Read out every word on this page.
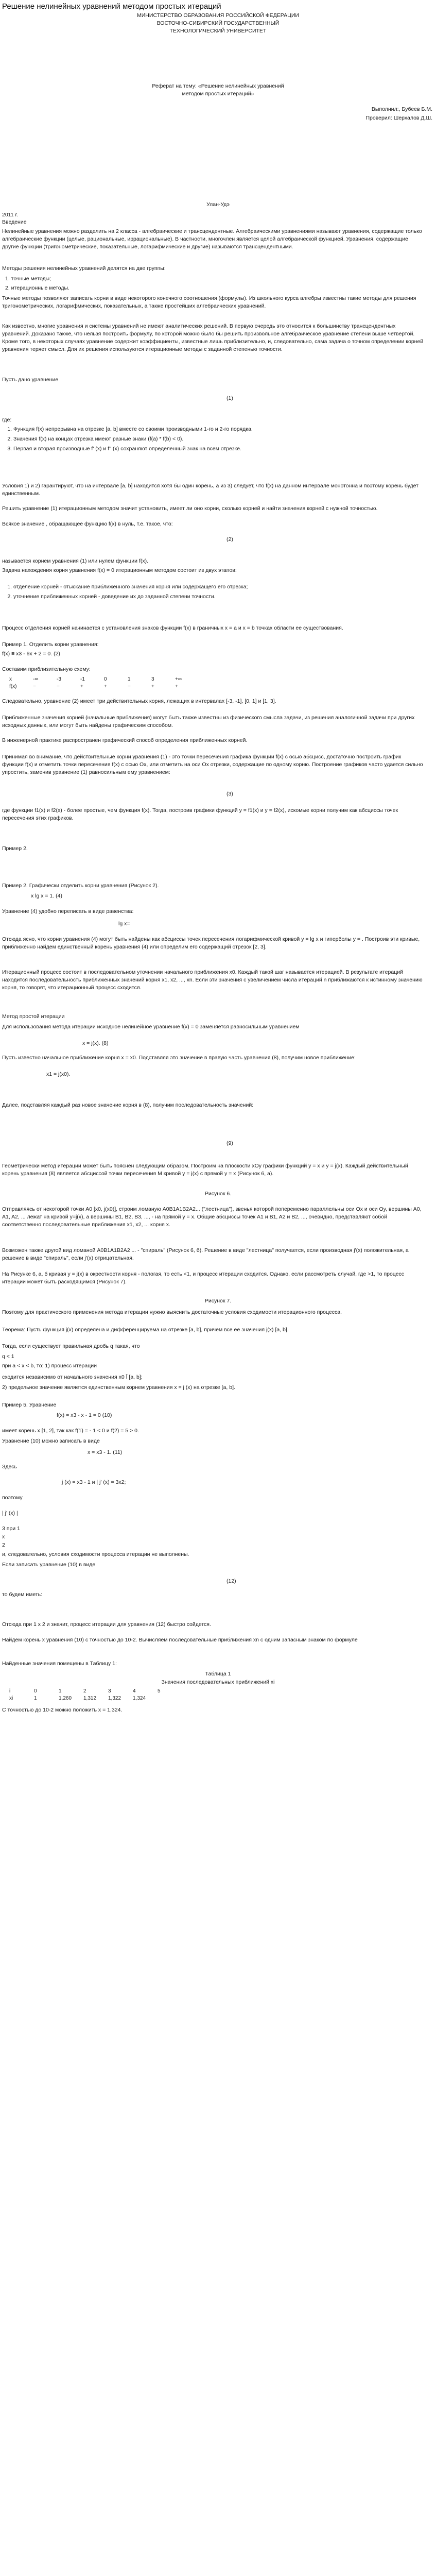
Решение нелинейных уравнений методом простых итераций
МИНИСТЕРСТВО ОБРАЗОВАНИЯ РОССИЙСКОЙ ФЕДЕРАЦИИ
ВОСТОЧНО-СИБИРСКИЙ ГОСУДАРСТВЕННЫЙ
ТЕХНОЛОГИЧЕСКИЙ УНИВЕРСИТЕТ
Реферат на тему: «Решение нелинейных уравнений
методом простых итераций»
Выполнил:, Бубеев Б.М.
Проверил: Шерхалов Д.Ш.
Улан-Удэ
2011 г.
Введение
Нелинейные уравнения можно разделить на 2 класса - алгебраические и трансцендентные. Алгебраическими уравнениями называют уравнения, содержащие только алгебраические функции (целые, рациональные, иррациональные). В частности, многочлен является целой алгебраической функцией. Уравнения, содержащие другие функции (тригонометрические, показательные, логарифмические и другие) называются трансцендентными.
Методы решения нелинейных уравнений делятся на две группы:
1. точные методы;
2. итерационные методы.
Точные методы позволяют записать корни в виде некоторого конечного соотношения (формулы). Из школьного курса алгебры известны такие методы для решения тригонометрических, логарифмических, показательных, а также простейших алгебраических уравнений.
Как известно, многие уравнения и системы уравнений не имеют аналитических решений. В первую очередь это относится к большинству трансцендентных уравнений. Доказано также, что нельзя построить формулу, по которой можно было бы решить произвольное алгебраическое уравнение степени выше четвертой. Кроме того, в некоторых случаях уравнение содержит коэффициенты, известные лишь приблизительно, и, следовательно, сама задача о точном определении корней уравнения теряет смысл. Для их решения используются итерационные методы с заданной степенью точности.
Пусть дано уравнение
(1)
где:
1. Функция f(x) непрерывна на отрезке [a, b] вместе со своими производными 1-го и 2-го порядка.
2. Значения f(x) на концах отрезка имеют разные знаки (f(a) * f(b) < 0).
3. Первая и вторая производные f' (x) и f'' (x) сохраняют определенный знак на всем отрезке.
Условия 1) и 2) гарантируют, что на интервале [a, b] находится хотя бы один корень, а из 3) следует, что f(x) на данном интервале монотонна и поэтому корень будет единственным.
Решить уравнение (1) итерационным методом значит установить, имеет ли оно корни, сколько корней и найти значения корней с нужной точностью.
Всякое значение , обращающее функцию f(x) в нуль, т.е. такое, что:
(2)
называется корнем уравнения (1) или нулем функции f(x).
Задача нахождения корня уравнения f(x) = 0 итерационным методом состоит из двух этапов:
1. отделение корней - отыскание приближенного значения корня или содержащего его отрезка;
2. уточнение приближенных корней - доведение их до заданной степени точности.
Процесс отделения корней начинается с установления знаков функции f(x) в граничных x = a и x = b точках области ее существования.
Пример 1. Отделить корни уравнения:
f(x) ≡ x3 - 6x + 2 = 0. (2)
Составим приблизительную схему:
x	-∞	-3	-1	0	1	3	+∞
f(x)	−	−	+	+	−	+	+
Следовательно, уравнение (2) имеет три действительных корня, лежащих в интервалах [-3, -1], [0, 1] и [1, 3].
Приближенные значения корней (начальные приближения) могут быть также известны из физического смысла задачи, из решения аналогичной задачи при других исходных данных, или могут быть найдены графическим способом.
В инженерной практике распространен графический способ определения приближенных корней.
Принимая во внимание, что действительные корни уравнения (1) - это точки пересечения графика функции f(x) с осью абсцисс, достаточно построить график функции f(x) и отметить точки пересечения f(x) с осью Ox, или отметить на оси Ox отрезки, содержащие по одному корню. Построение графиков часто удается сильно упростить, заменив уравнение (1) равносильным ему уравнением:
(3)
где функции f1(x) и f2(x) - более простые, чем функция f(x). Тогда, построив графики функций y = f1(x) и y = f2(x), искомые корни получим как абсциссы точек пересечения этих графиков.
Пример 2.
Пример 2. Графически отделить корни уравнения (Рисунок 2).
x lg x = 1. (4)
Уравнение (4) удобно переписать в виде равенства:
lg x=
Отсюда ясно, что корни уравнения (4) могут быть найдены как абсциссы точек пересечения логарифмической кривой y = lg x и гиперболы y = . Построив эти кривые, приближенно найдем единственный корень уравнения (4) или определим его содержащий отрезок [2, 3].
Итерационный процесс состоит в последовательном уточнении начального приближения x0. Каждый такой шаг называется итерацией. В результате итераций находится последовательность приближенных значений корня x1, x2, ..., xn. Если эти значения с увеличением числа итераций n приближаются к истинному значению корня, то говорят, что итерационный процесс сходится.
Метод простой итерации
Для использования метода итерации исходное нелинейное уравнение f(x) = 0 заменяется равносильным уравнением
x = j(x). (8)
Пусть известно начальное приближение корня x = x0. Подставляя это значение в правую часть уравнения (8), получим новое приближение:
x1 = j(x0).
Далее, подставляя каждый раз новое значение корня в (8), получим последовательность значений:
(9)
Геометрически метод итерации может быть пояснен следующим образом. Построим на плоскости xOy графики функций y = x и y = j(x). Каждый действительный корень уравнения (8) является абсциссой точки пересечения M кривой y = j(x) с прямой y = x (Рисунок 6, а).
Рисунок 6.
Отправляясь от некоторой точки A0 [x0, j(x0)], строим ломаную A0B1A1B2A2... ("лестница"), звенья которой попеременно параллельны оси Ox и оси Oy, вершины A0, A1, A2, ... лежат на кривой y=j(x), а вершины B1, B2, B3, ..., - на прямой y = x. Общие абсциссы точек A1 и B1, A2 и B2, ..., очевидно, представляют собой соответственно последовательные приближения x1, x2, ... корня x.
Возможен также другой вид ломаной A0B1A1B2A2 ... - "спираль" (Рисунок 6, б). Решение в виде "лестница" получается, если производная j'(x) положительная, а решение в виде "спираль", если j'(x) отрицательная.
На Рисунке 6, a, б кривая y = j(x) в окрестности корня - пологая, то есть <1, и процесс итерации сходится. Однако, если рассмотреть случай, где >1, то процесс итерации может быть расходящимся (Рисунок 7).
Рисунок 7.
Поэтому для практического применения метода итерации нужно выяснить достаточные условия сходимости итерационного процесса.
Теорема: Пусть функция j(x) определена и дифференцируема на отрезке [a, b], причем все ее значения j(x) [a, b].
Тогда, если существует правильная дробь q такая, что
q < 1
при a < x < b, то: 1) процесс итерации
сходится независимо от начального значения x0 Î [a, b];
2) предельное значение является единственным корнем уравнения x = j (x) на отрезке [a, b].
Пример 5. Уравнение
f(x) = x3 - x - 1 = 0 (10)
имеет корень x [1, 2], так как f(1) = - 1 < 0 и f(2) = 5 > 0.
Уравнение (10) можно записать в виде
x = x3 - 1. (11)
Здесь
j (x) = x3 - 1 и | j' (x) = 3x2;
поэтому
| j' (x) |
3 при 1
x
2
и, следовательно, условия сходимости процесса итерации не выполнены.
Если записать уравнение (10) в виде
(12)
то будем иметь:
Отсюда при 1 x 2 и значит, процесс итерации для уравнения (12) быстро сойдется.
Найдем корень x уравнения (10) с точностью до 10-2. Вычисляем последовательные приближения xn с одним запасным знаком по формуле
Найденные значения помещены в Таблицу 1:
Таблица 1
Значения последовательных приближений xi
i	0	1	2	3	4	5
xi	1	1,260	1,312	1,322	1,324	
C точностью до 10-2 можно положить x = 1,324.
